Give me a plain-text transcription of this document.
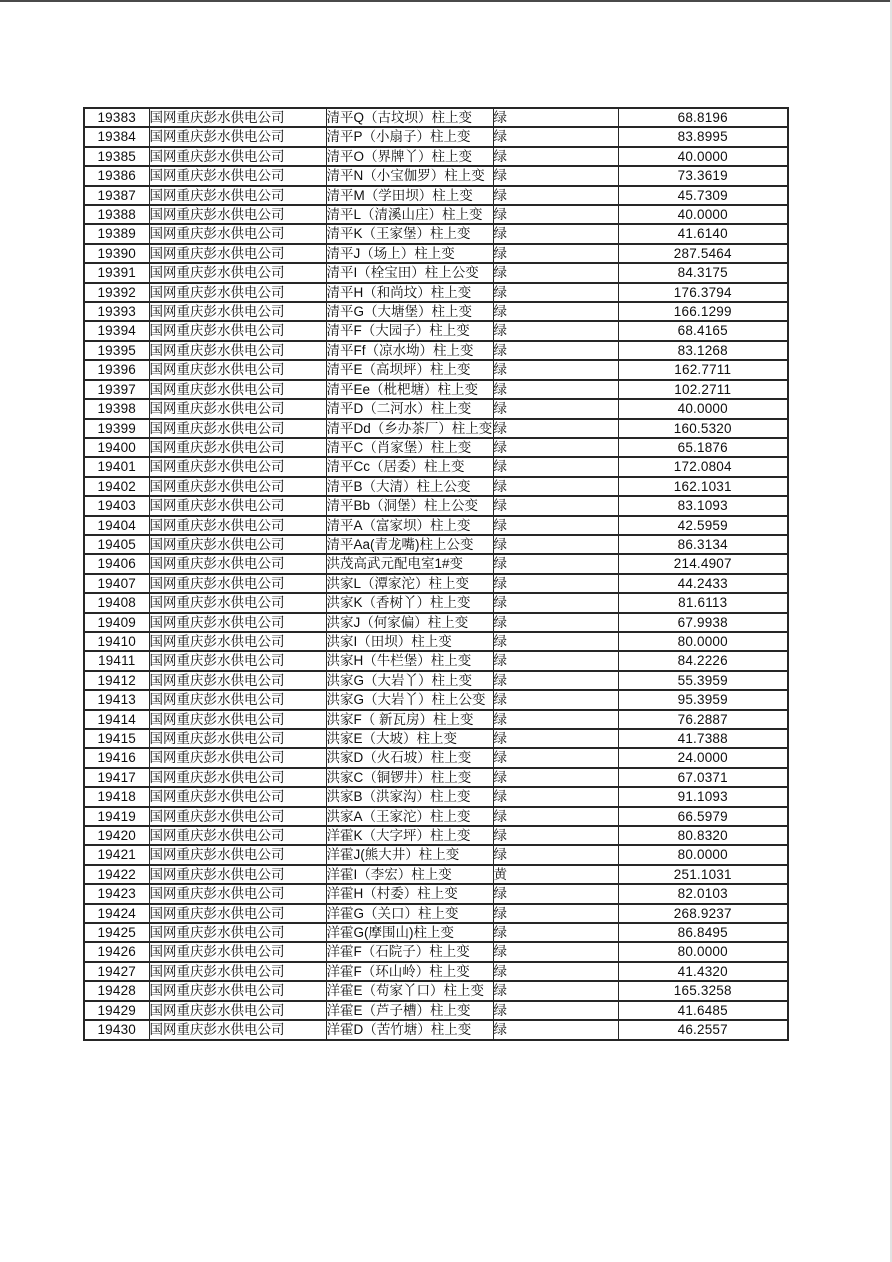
19383	国网重庆彭水供电公司	清平Q（古坟坝）柱上变	绿	68.8196
19384	国网重庆彭水供电公司	清平P（小扇子）柱上变	绿	83.8995
19385	国网重庆彭水供电公司	清平O（界牌丫）柱上变	绿	40.0000
19386	国网重庆彭水供电公司	清平N（小宝伽罗）柱上变	绿	73.3619
19387	国网重庆彭水供电公司	清平M（学田坝）柱上变	绿	45.7309
19388	国网重庆彭水供电公司	清平L（清溪山庄）柱上变	绿	40.0000
19389	国网重庆彭水供电公司	清平K（王家堡）柱上变	绿	41.6140
19390	国网重庆彭水供电公司	清平J（场上）柱上变	绿	287.5464
19391	国网重庆彭水供电公司	清平I（栓宝田）柱上公变	绿	84.3175
19392	国网重庆彭水供电公司	清平H（和尚坟）柱上变	绿	176.3794
19393	国网重庆彭水供电公司	清平G（大塘堡）柱上变	绿	166.1299
19394	国网重庆彭水供电公司	清平F（大园子）柱上变	绿	68.4165
19395	国网重庆彭水供电公司	清平Ff（凉水坳）柱上变	绿	83.1268
19396	国网重庆彭水供电公司	清平E（高坝坪）柱上变	绿	162.7711
19397	国网重庆彭水供电公司	清平Ee（枇杷塘）柱上变	绿	102.2711
19398	国网重庆彭水供电公司	清平D（二河水）柱上变	绿	40.0000
19399	国网重庆彭水供电公司	清平Dd（乡办茶厂）柱上变	绿	160.5320
19400	国网重庆彭水供电公司	清平C（肖家堡）柱上变	绿	65.1876
19401	国网重庆彭水供电公司	清平Cc（居委）柱上变	绿	172.0804
19402	国网重庆彭水供电公司	清平B（大清）柱上公变	绿	162.1031
19403	国网重庆彭水供电公司	清平Bb（洞堡）柱上公变	绿	83.1093
19404	国网重庆彭水供电公司	清平A（富家坝）柱上变	绿	42.5959
19405	国网重庆彭水供电公司	清平Aa(青龙嘴)柱上公变	绿	86.3134
19406	国网重庆彭水供电公司	洪茂高武元配电室1#变	绿	214.4907
19407	国网重庆彭水供电公司	洪家L（潭家沱）柱上变	绿	44.2433
19408	国网重庆彭水供电公司	洪家K（香树丫）柱上变	绿	81.6113
19409	国网重庆彭水供电公司	洪家J（何家偏）柱上变	绿	67.9938
19410	国网重庆彭水供电公司	洪家I（田坝）柱上变	绿	80.0000
19411	国网重庆彭水供电公司	洪家H（牛栏堡）柱上变	绿	84.2226
19412	国网重庆彭水供电公司	洪家G（大岩丫）柱上变	绿	55.3959
19413	国网重庆彭水供电公司	洪家G（大岩丫）柱上公变	绿	95.3959
19414	国网重庆彭水供电公司	洪家F（ 新瓦房）柱上变	绿	76.2887
19415	国网重庆彭水供电公司	洪家E（大坡）柱上变	绿	41.7388
19416	国网重庆彭水供电公司	洪家D（火石坡）柱上变	绿	24.0000
19417	国网重庆彭水供电公司	洪家C（铜锣井）柱上变	绿	67.0371
19418	国网重庆彭水供电公司	洪家B（洪家沟）柱上变	绿	91.1093
19419	国网重庆彭水供电公司	洪家A（王家沱）柱上变	绿	66.5979
19420	国网重庆彭水供电公司	洋霍K（大字坪）柱上变	绿	80.8320
19421	国网重庆彭水供电公司	洋霍J(熊大井）柱上变	绿	80.0000
19422	国网重庆彭水供电公司	洋霍I（李宏）柱上变	黄	251.1031
19423	国网重庆彭水供电公司	洋霍H（村委）柱上变	绿	82.0103
19424	国网重庆彭水供电公司	洋霍G（关口）柱上变	绿	268.9237
19425	国网重庆彭水供电公司	洋霍G(摩围山)柱上变	绿	86.8495
19426	国网重庆彭水供电公司	洋霍F（石院子）柱上变	绿	80.0000
19427	国网重庆彭水供电公司	洋霍F（环山岭）柱上变	绿	41.4320
19428	国网重庆彭水供电公司	洋霍E（苟家丫口）柱上变	绿	165.3258
19429	国网重庆彭水供电公司	洋霍E（芦子槽）柱上变	绿	41.6485
19430	国网重庆彭水供电公司	洋霍D（苦竹塘）柱上变	绿	46.2557
